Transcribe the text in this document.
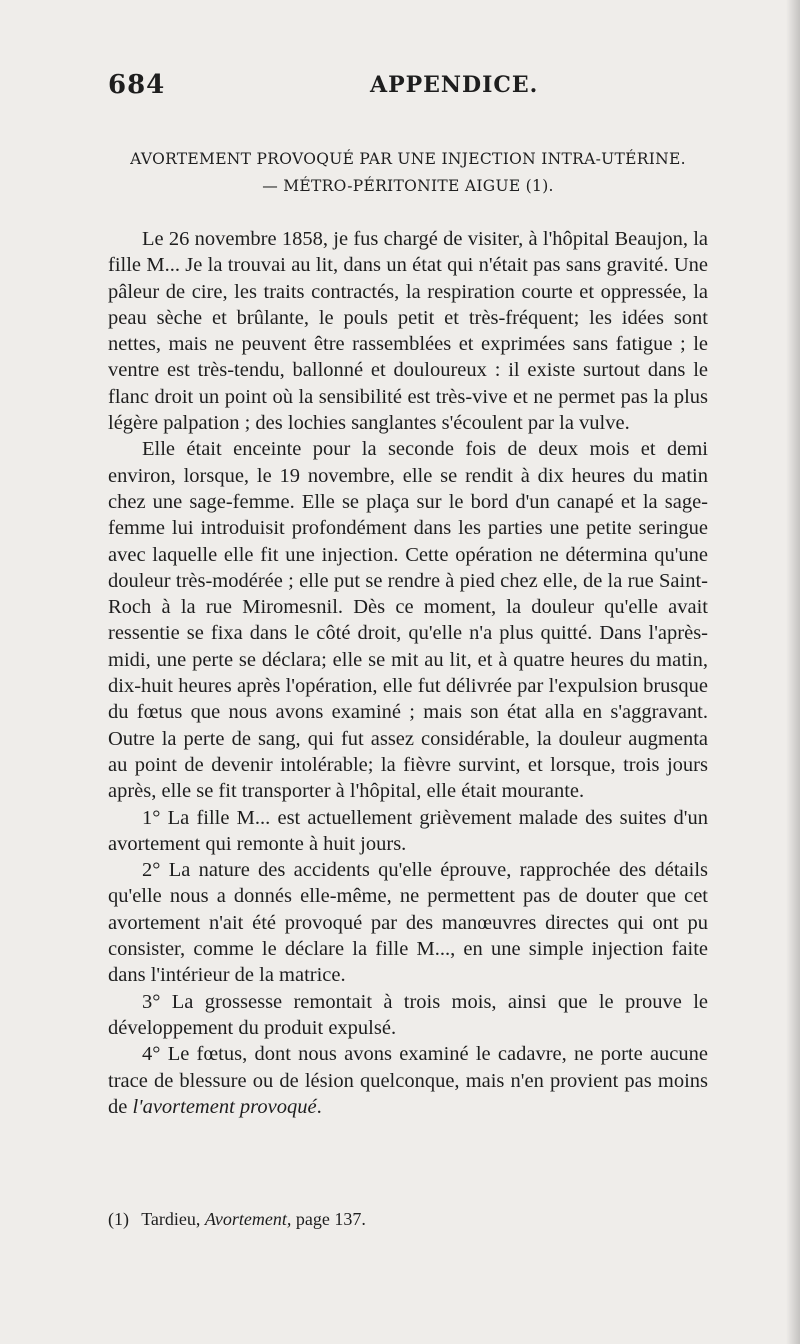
684	APPENDICE.
AVORTEMENT PROVOQUÉ PAR UNE INJECTION INTRA-UTÉRINE.
— MÉTRO-PÉRITONITE AIGUE (1).

Le 26 novembre 1858, je fus chargé de visiter, à l'hôpital Beaujon, la fille M... Je la trouvai au lit, dans un état qui n'était pas sans gravité. Une pâleur de cire, les traits contractés, la respiration courte et oppressée, la peau sèche et brûlante, le pouls petit et très-fréquent; les idées sont nettes, mais ne peuvent être rassemblées et exprimées sans fatigue ; le ventre est très-tendu, ballonné et douloureux : il existe surtout dans le flanc droit un point où la sensibilité est très-vive et ne permet pas la plus légère palpation ; des lochies sanglantes s'écoulent par la vulve.

Elle était enceinte pour la seconde fois de deux mois et demi environ, lorsque, le 19 novembre, elle se rendit à dix heures du matin chez une sage-femme. Elle se plaça sur le bord d'un canapé et la sage-femme lui introduisit profondément dans les parties une petite seringue avec laquelle elle fit une injection. Cette opération ne détermina qu'une douleur très-modérée ; elle put se rendre à pied chez elle, de la rue Saint-Roch à la rue Miromesnil. Dès ce moment, la douleur qu'elle avait ressentie se fixa dans le côté droit, qu'elle n'a plus quitté. Dans l'après-midi, une perte se déclara; elle se mit au lit, et à quatre heures du matin, dix-huit heures après l'opération, elle fut délivrée par l'expulsion brusque du fœtus que nous avons examiné ; mais son état alla en s'aggravant. Outre la perte de sang, qui fut assez considérable, la douleur augmenta au point de devenir intolérable; la fièvre survint, et lorsque, trois jours après, elle se fit transporter à l'hôpital, elle était mourante.

1° La fille M... est actuellement grièvement malade des suites d'un avortement qui remonte à huit jours.

2° La nature des accidents qu'elle éprouve, rapprochée des détails qu'elle nous a donnés elle-même, ne permettent pas de douter que cet avortement n'ait été provoqué par des manœuvres directes qui ont pu consister, comme le déclare la fille M..., en une simple injection faite dans l'intérieur de la matrice.

3° La grossesse remontait à trois mois, ainsi que le prouve le développement du produit expulsé.

4° Le fœtus, dont nous avons examiné le cadavre, ne porte aucune trace de blessure ou de lésion quelconque, mais n'en provient pas moins de l'avortement provoqué.

(1) Tardieu, Avortement, page 137.
